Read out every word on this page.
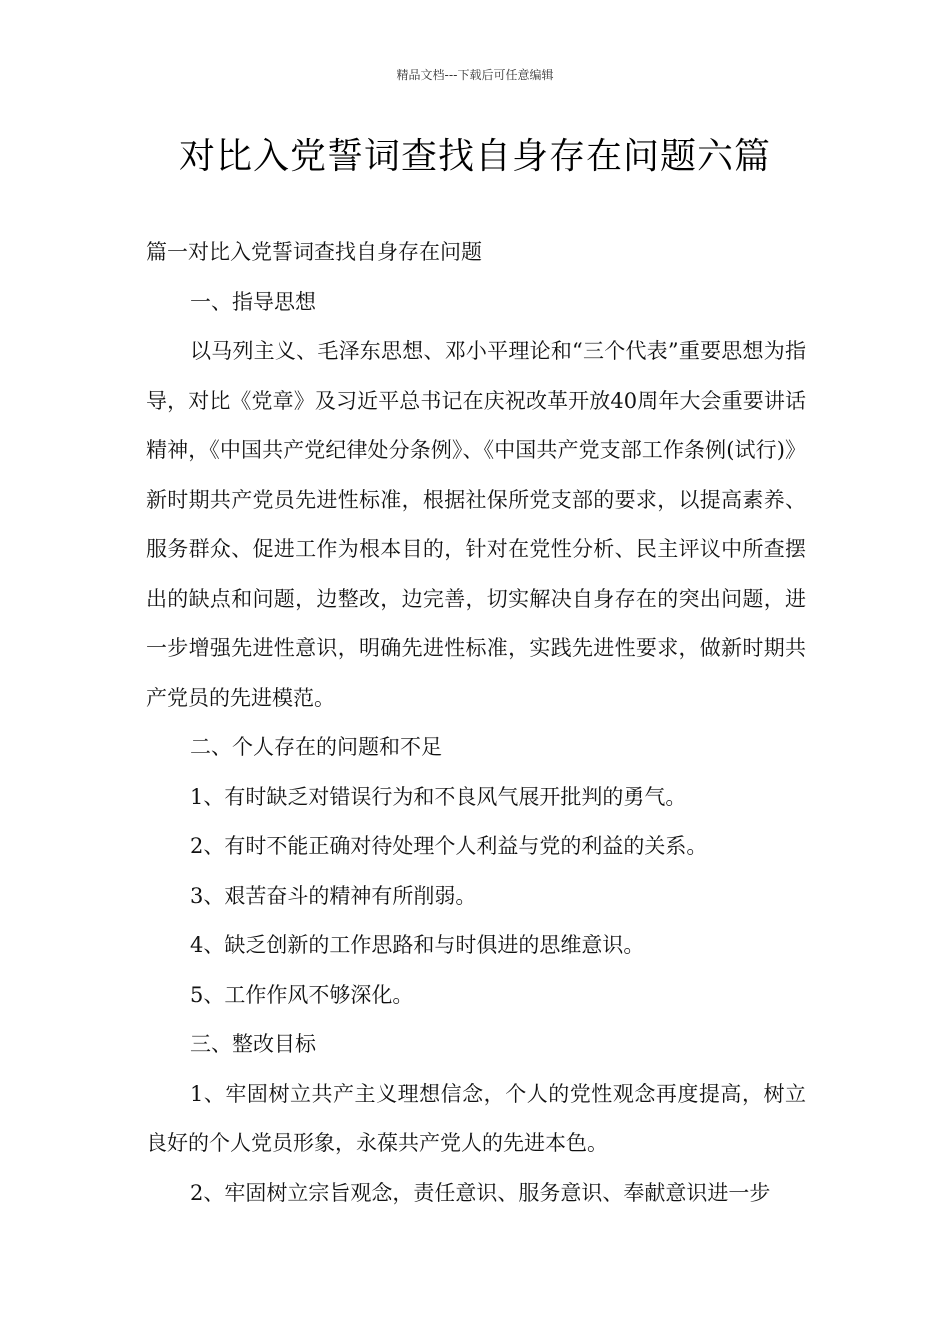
精品文档---下载后可任意编辑
对比入党誓词查找自身存在问题六篇

篇一对比入党誓词查找自身存在问题

一、指导思想

以马列主义、毛泽东思想、邓小平理论和“三个代表”重要思想为指导，对比《党章》及习近平总书记在庆祝改革开放40周年大会重要讲话精神，《中国共产党纪律处分条例》、《中国共产党支部工作条例(试行)》新时期共产党员先进性标准，根据社保所党支部的要求，以提高素养、服务群众、促进工作为根本目的，针对在党性分析、民主评议中所查摆出的缺点和问题，边整改，边完善，切实解决自身存在的突出问题，进一步增强先进性意识，明确先进性标准，实践先进性要求，做新时期共产党员的先进模范。

二、个人存在的问题和不足

1、有时缺乏对错误行为和不良风气展开批判的勇气。

2、有时不能正确对待处理个人利益与党的利益的关系。

3、艰苦奋斗的精神有所削弱。

4、缺乏创新的工作思路和与时俱进的思维意识。

5、工作作风不够深化。

三、整改目标

1、牢固树立共产主义理想信念，个人的党性观念再度提高，树立良好的个人党员形象，永葆共产党人的先进本色。

2、牢固树立宗旨观念，责任意识、服务意识、奉献意识进一步
